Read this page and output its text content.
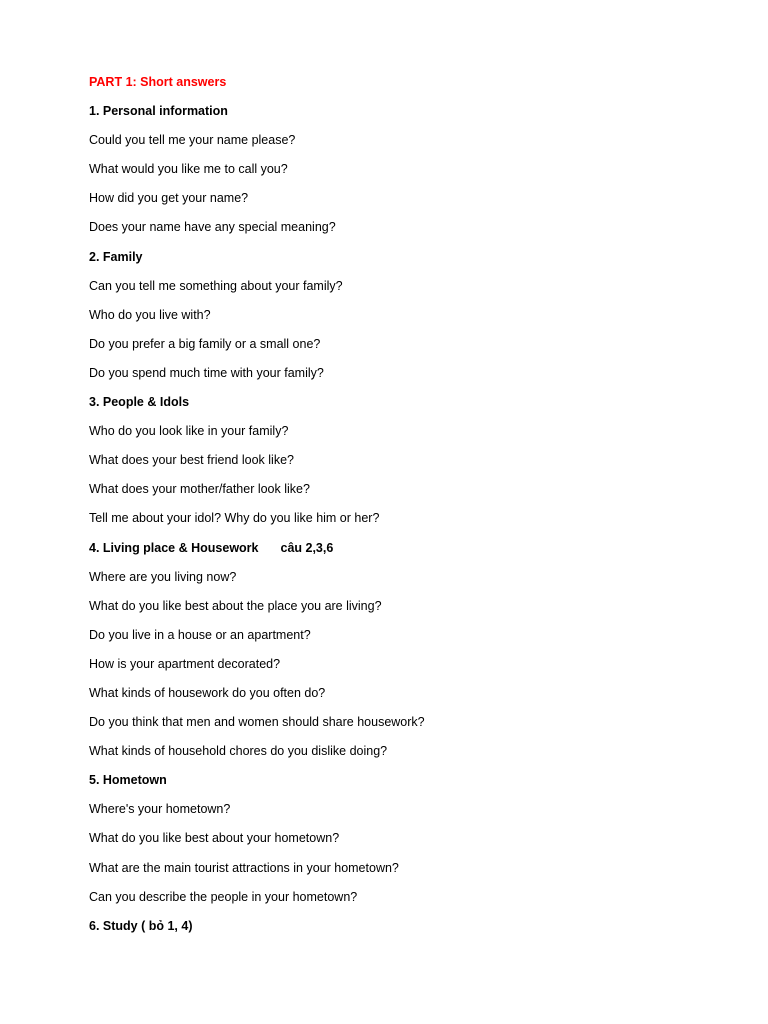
PART 1: Short answers
1. Personal information
Could you tell me your name please?
What would you like me to call you?
How did you get your name?
Does your name have any special meaning?
2. Family
Can you tell me something about your family?
Who do you live with?
Do you prefer a big family or a small one?
Do you spend much time with your family?
3. People & Idols
Who do you look like in your family?
What does your best friend look like?
What does your mother/father look like?
Tell me about your idol? Why do you like him or her?
4. Living place & Housework câu 2,3,6
Where are you living now?
What do you like best about the place you are living?
Do you live in a house or an apartment?
How is your apartment decorated?
What kinds of housework do you often do?
Do you think that men and women should share housework?
What kinds of household chores do you dislike doing?
5. Hometown
Where's your hometown?
What do you like best about your hometown?
What are the main tourist attractions in your hometown?
Can you describe the people in your hometown?
6. Study ( bỏ 1, 4)
